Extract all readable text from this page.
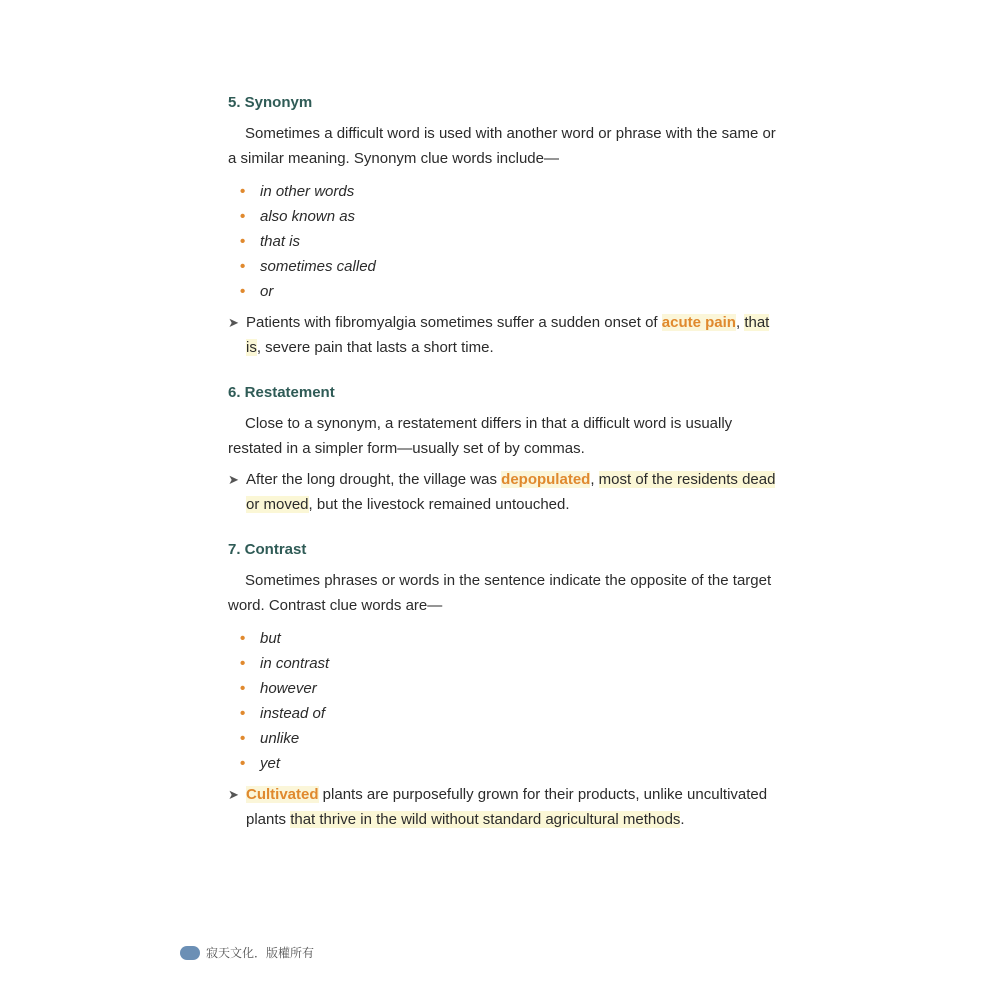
5. Synonym

Sometimes a difficult word is used with another word or phrase with the same or a similar meaning. Synonym clue words include—

• in other words
• also known as
• that is
• sometimes called
• or

➤ Patients with fibromyalgia sometimes suffer a sudden onset of acute pain, that is, severe pain that lasts a short time.

6. Restatement

Close to a synonym, a restatement differs in that a difficult word is usually restated in a simpler form—usually set of by commas.

➤ After the long drought, the village was depopulated, most of the residents dead or moved, but the livestock remained untouched.

7. Contrast

Sometimes phrases or words in the sentence indicate the opposite of the target word. Contrast clue words are—

• but
• in contrast
• however
• instead of
• unlike
• yet

➤ Cultivated plants are purposefully grown for their products, unlike uncultivated plants that thrive in the wild without standard agricultural methods.

寂天文化．版權所有
